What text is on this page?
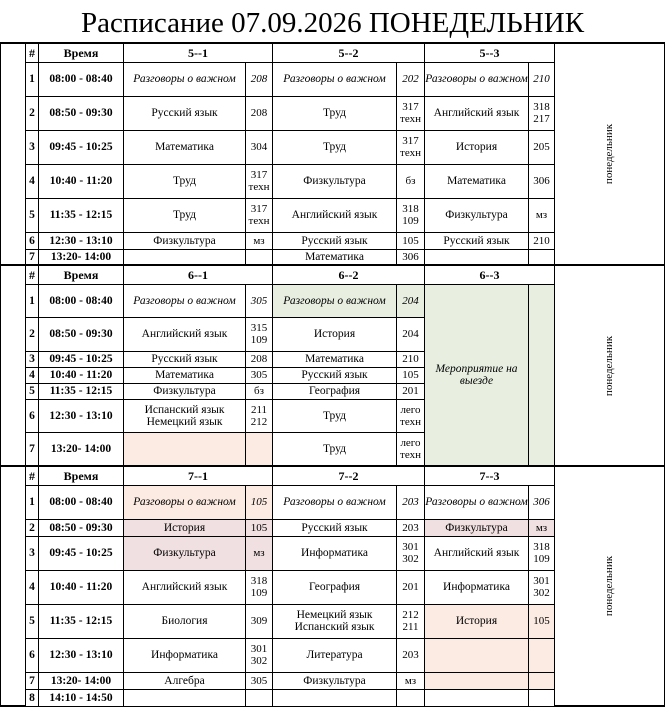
Расписание 07.09.2026 ПОНЕДЕЛЬНИК
	#	Время	5--1		5--2		5--3		понедельник
	1	08:00 - 08:40	Разговоры о важном	208	Разговоры о важном	202	Разговоры о важном	210	
	2	08:50 - 09:30	Русский язык	208	Труд	317 техн	Английский язык	318 217	
	3	09:45 - 10:25	Математика	304	Труд	317 техн	История	205	
	4	10:40 - 11:20	Труд	317 техн	Физкультура	бз	Математика	306	
	5	11:35 - 12:15	Труд	317 техн	Английский язык	318 109	Физкультура	мз	
	6	12:30 - 13:10	Физкультура	мз	Русский язык	105	Русский язык	210	
	7	13:20- 14:00			Математика	306			
	#	Время	6--1		6--2		6--3		понедельник
	1	08:00 - 08:40	Разговоры о важном	305	Разговоры о важном	204	Мероприятие на выезде		
	2	08:50 - 09:30	Английский язык	315 109	История	204			
	3	09:45 - 10:25	Русский язык	208	Математика	210			
	4	10:40 - 11:20	Математика	305	Русский язык	105			
	5	11:35 - 12:15	Физкультура	бз	География	201			
	6	12:30 - 13:10	Испанский язык Немецкий язык	211 212	Труд	лего техн			
	7	13:20- 14:00			Труд	лего техн			
	#	Время	7--1		7--2		7--3		понедельник
	1	08:00 - 08:40	Разговоры о важном	105	Разговоры о важном	203	Разговоры о важном	306	
	2	08:50 - 09:30	История	105	Русский язык	203	Физкультура	мз	
	3	09:45 - 10:25	Физкультура	мз	Информатика	301 302	Английский язык	318 109	
	4	10:40 - 11:20	Английский язык	318 109	География	201	Информатика	301 302	
	5	11:35 - 12:15	Биология	309	Немецкий язык Испанский язык	212 211	История	105	
	6	12:30 - 13:10	Информатика	301 302	Литература	203			
	7	13:20- 14:00	Алгебра	305	Физкультура	мз			
	8	14:10 - 14:50							
